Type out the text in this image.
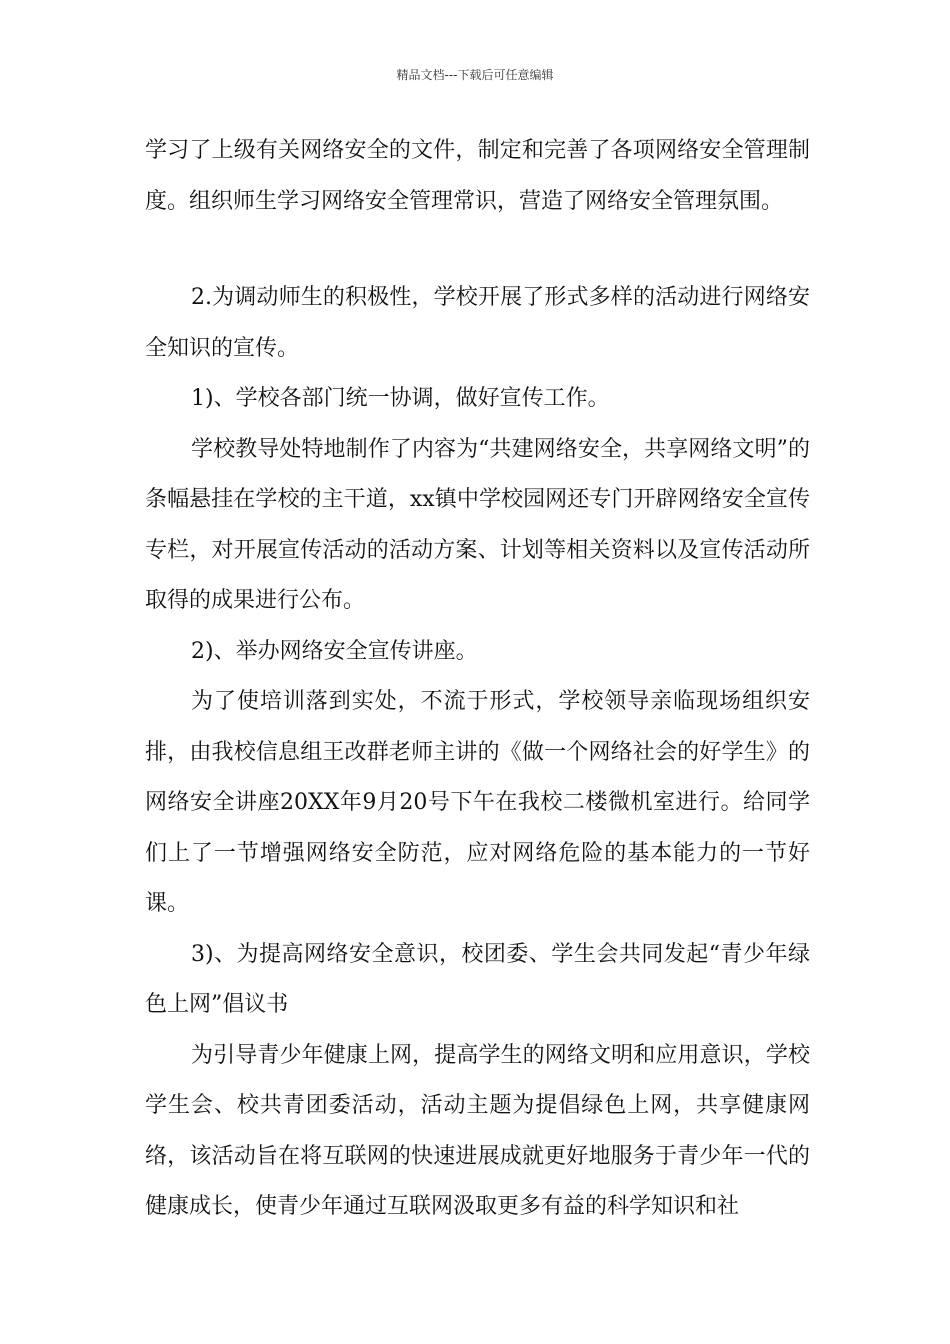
精品文档---下载后可任意编辑

学习了上级有关网络安全的文件，制定和完善了各项网络安全管理制度。组织师生学习网络安全管理常识，营造了网络安全管理氛围。

2.为调动师生的积极性，学校开展了形式多样的活动进行网络安全知识的宣传。

1)、学校各部门统一协调，做好宣传工作。

学校教导处特地制作了内容为“共建网络安全，共享网络文明”的条幅悬挂在学校的主干道，xx镇中学校园网还专门开辟网络安全宣传专栏，对开展宣传活动的活动方案、计划等相关资料以及宣传活动所取得的成果进行公布。

2)、举办网络安全宣传讲座。

为了使培训落到实处，不流于形式，学校领导亲临现场组织安排，由我校信息组王改群老师主讲的《做一个网络社会的好学生》的网络安全讲座20XX年9月20号下午在我校二楼微机室进行。给同学们上了一节增强网络安全防范，应对网络危险的基本能力的一节好课。

3)、为提高网络安全意识，校团委、学生会共同发起“青少年绿色上网”倡议书

为引导青少年健康上网，提高学生的网络文明和应用意识，学校学生会、校共青团委活动，活动主题为提倡绿色上网，共享健康网络，该活动旨在将互联网的快速进展成就更好地服务于青少年一代的健康成长，使青少年通过互联网汲取更多有益的科学知识和社
